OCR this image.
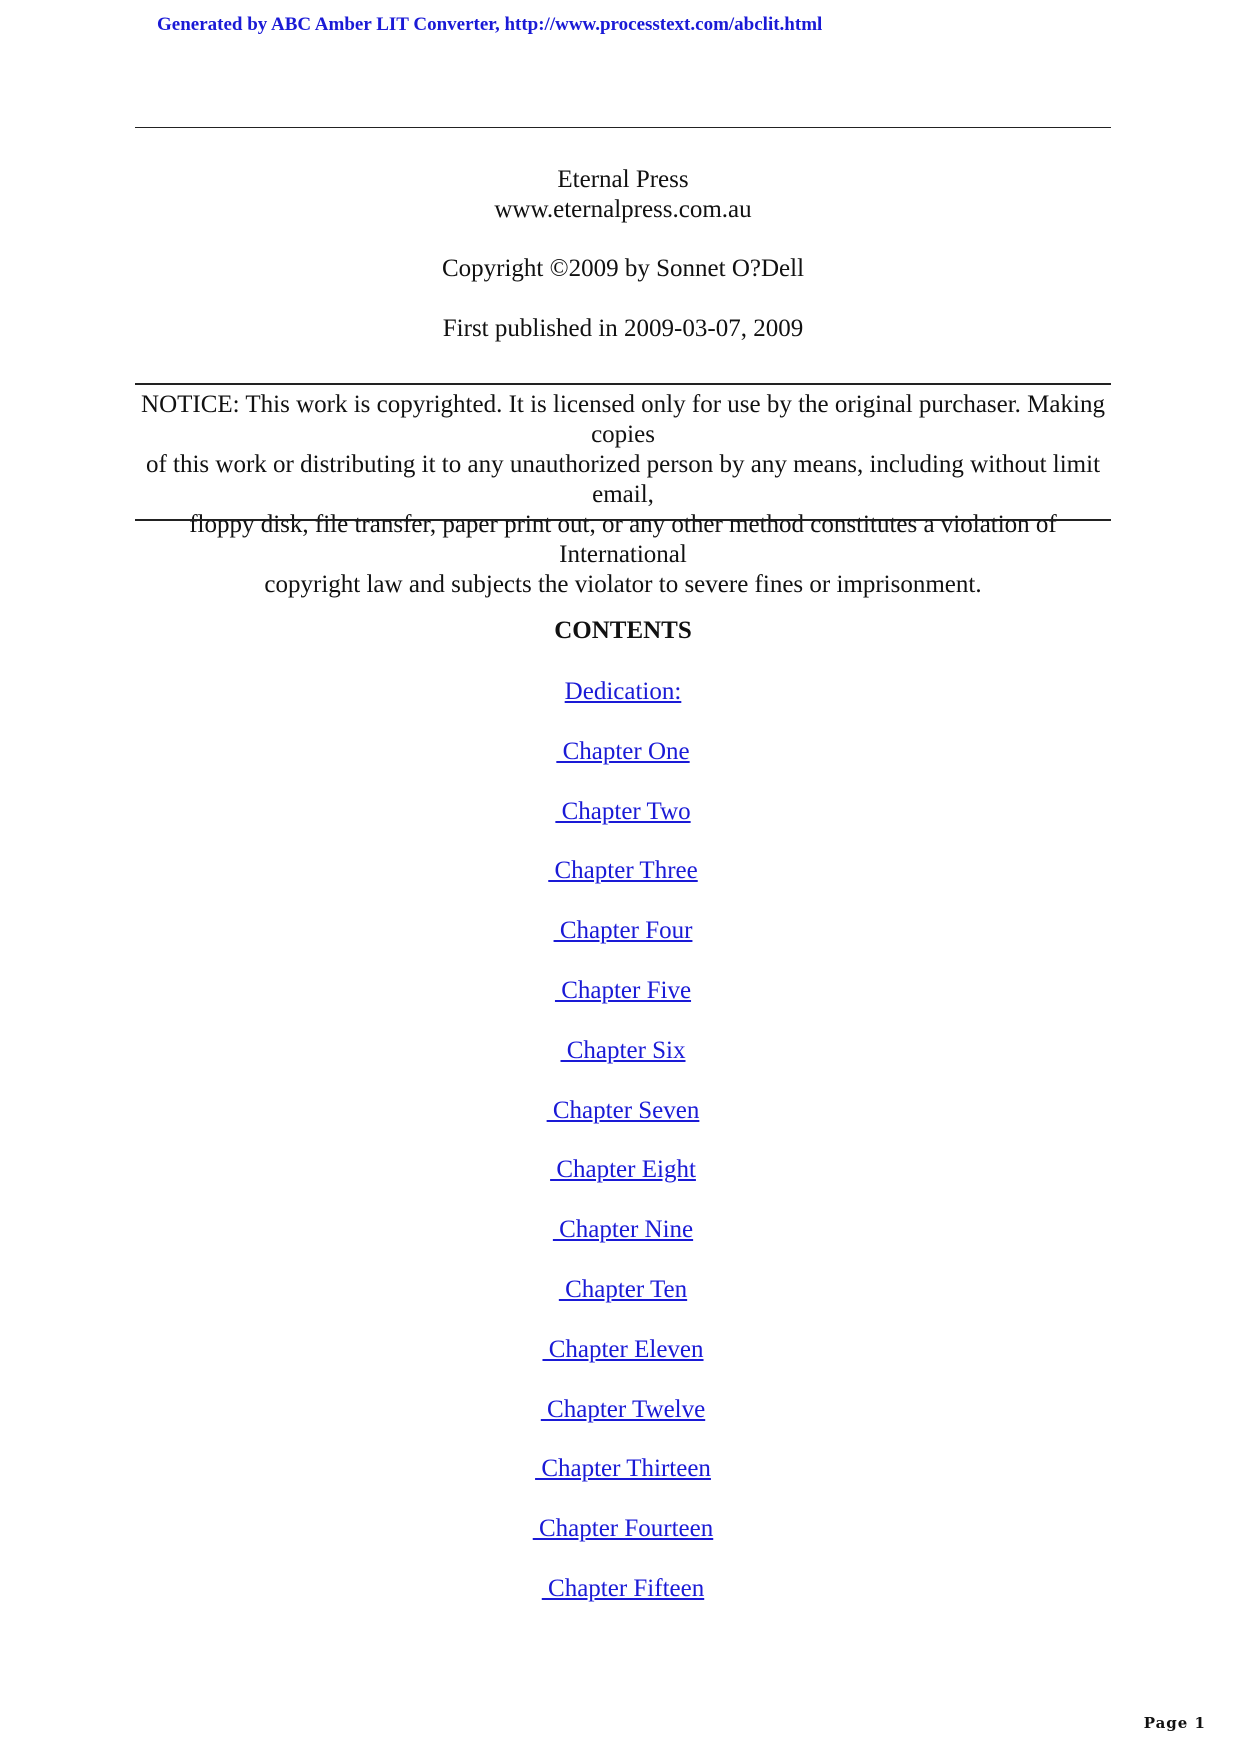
Generated by ABC Amber LIT Converter, http://www.processtext.com/abclit.html
Eternal Press
www.eternalpress.com.au
Copyright ©2009 by Sonnet O?Dell
First published in 2009-03-07, 2009
NOTICE: This work is copyrighted. It is licensed only for use by the original purchaser. Making copies
of this work or distributing it to any unauthorized person by any means, including without limit email,
floppy disk, file transfer, paper print out, or any other method constitutes a violation of International
copyright law and subjects the violator to severe fines or imprisonment.
CONTENTS
Dedication:
Chapter One
Chapter Two
Chapter Three
Chapter Four
Chapter Five
Chapter Six
Chapter Seven
Chapter Eight
Chapter Nine
Chapter Ten
Chapter Eleven
Chapter Twelve
Chapter Thirteen
Chapter Fourteen
Chapter Fifteen
Page 1
